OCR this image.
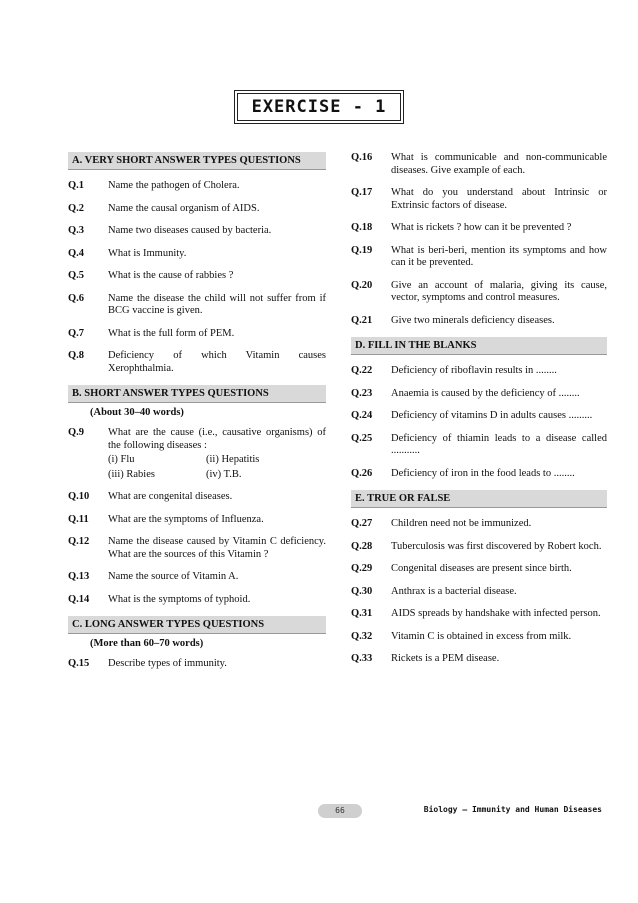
EXERCISE - 1
A. VERY SHORT ANSWER TYPES QUESTIONS
Q.1	Name the pathogen of Cholera.
Q.2	Name the causal organism of AIDS.
Q.3	Name two diseases caused by bacteria.
Q.4	What is Immunity.
Q.5	What is the cause of rabbies ?
Q.6	Name the disease the child will not suffer from if BCG vaccine is given.
Q.7	What is the full form of PEM.
Q.8	Deficiency of which Vitamin causes Xerophthalmia.
B. SHORT ANSWER TYPES QUESTIONS
(About 30–40 words)
Q.9	What are the cause (i.e., causative organisms) of the following diseases :
(i) Flu	(ii) Hepatitis
(iii) Rabies	(iv) T.B.
Q.10	What are congenital diseases.
Q.11	What are the symptoms of Influenza.
Q.12	Name the disease caused by Vitamin C deficiency. What are the sources of this Vitamin ?
Q.13	Name the source of Vitamin A.
Q.14	What is the symptoms of typhoid.
C. LONG ANSWER TYPES QUESTIONS
(More than 60–70 words)
Q.15	Describe types of immunity.
Q.16	What is communicable and non-communicable diseases. Give example of each.
Q.17	What do you understand about Intrinsic or Extrinsic factors of disease.
Q.18	What is rickets ? how can it be prevented ?
Q.19	What is beri-beri, mention its symptoms and how can it be prevented.
Q.20	Give an account of malaria, giving its cause, vector, symptoms and control measures.
Q.21	Give two minerals deficiency diseases.
D. FILL IN THE BLANKS
Q.22	Deficiency of riboflavin results in ........
Q.23	Anaemia is caused by the deficiency of ........
Q.24	Deficiency of vitamins D in adults causes .........
Q.25	Deficiency of thiamin leads to a disease called ...........
Q.26	Deficiency of iron in the food leads to ........
E. TRUE OR FALSE
Q.27	Children need not be immunized.
Q.28	Tuberculosis was first discovered by Robert koch.
Q.29	Congenital diseases are present since birth.
Q.30	Anthrax is a bacterial disease.
Q.31	AIDS spreads by handshake with infected person.
Q.32	Vitamin C is obtained in excess from milk.
Q.33	Rickets is a PEM disease.
66	Biology – Immunity and Human Diseases
